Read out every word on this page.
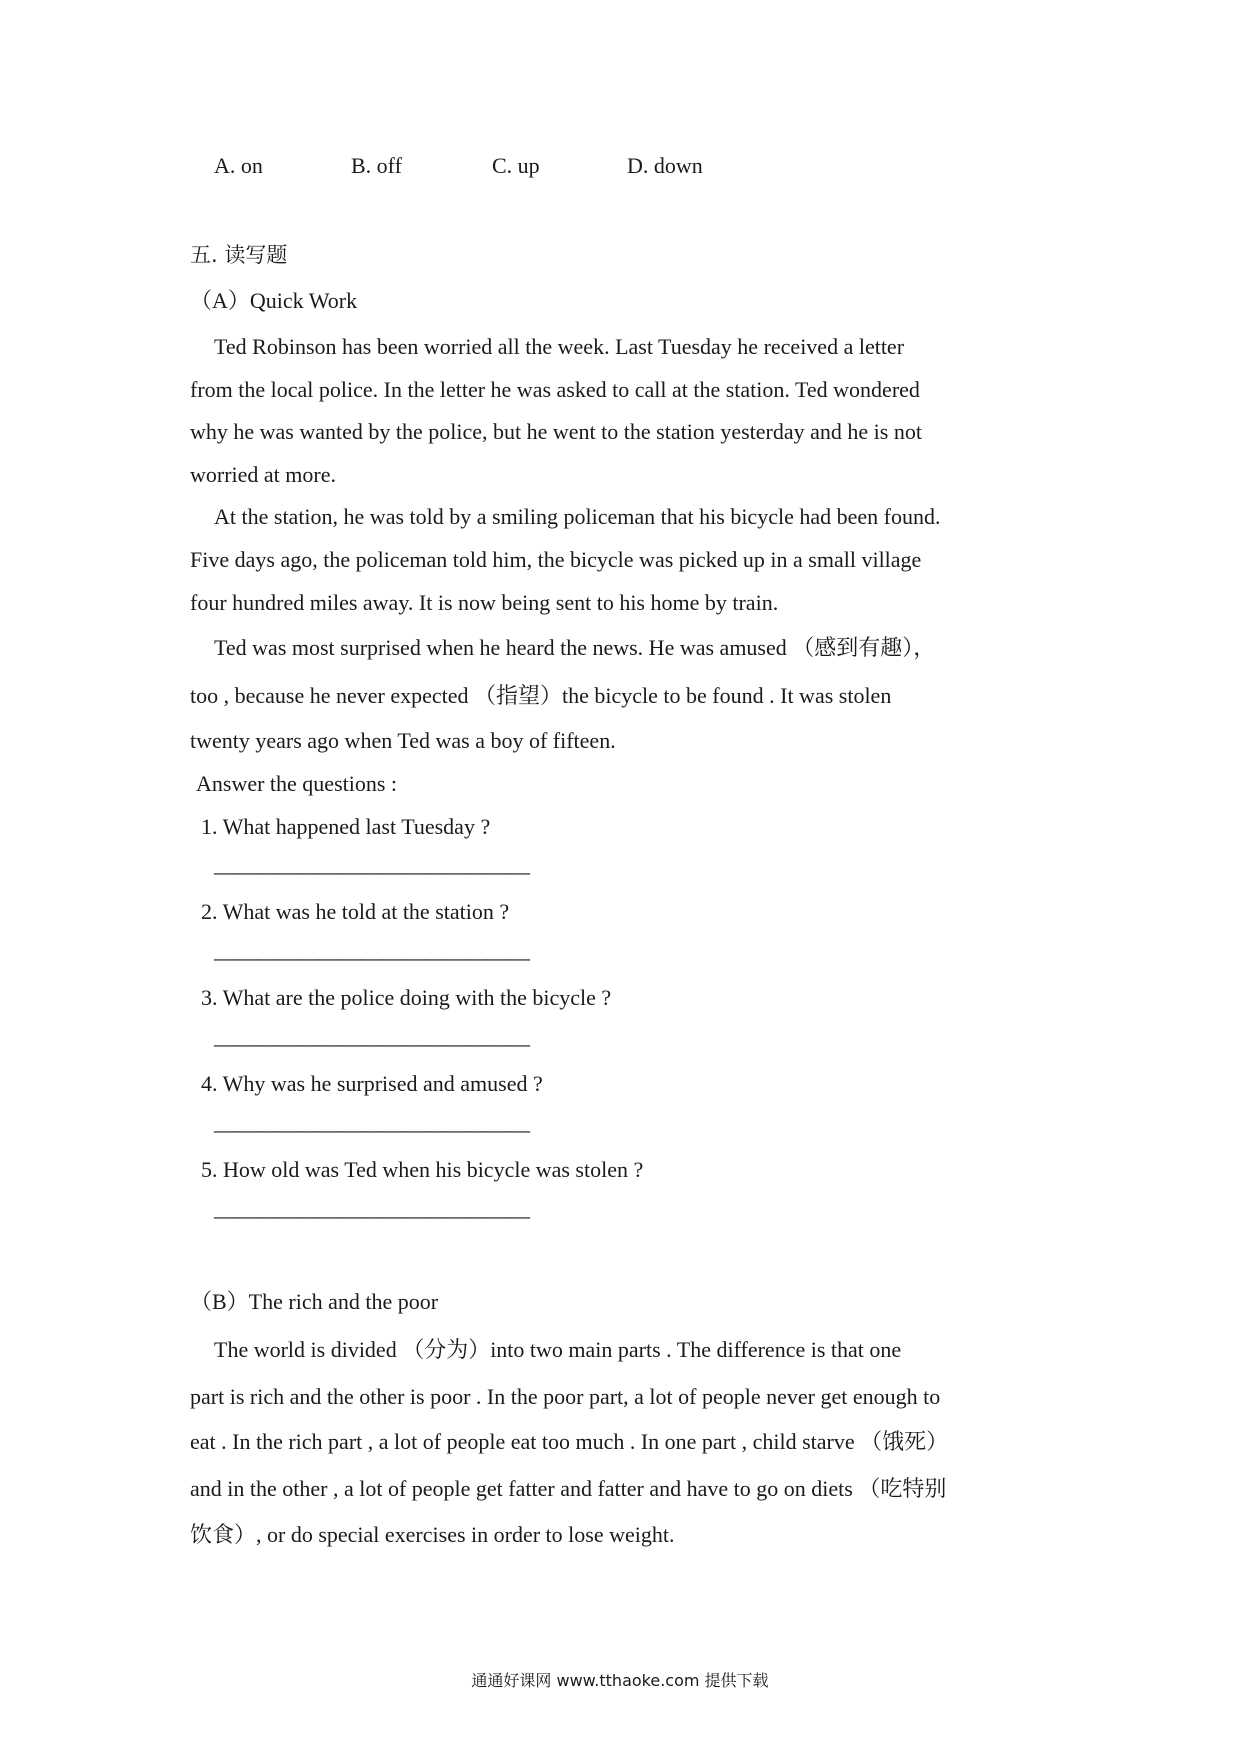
A. on	B. off	C. up	D. down
五. 读写题
（A）Quick Work
Ted Robinson has been worried all the week. Last Tuesday he received a letter
from the local police. In the letter he was asked to call at the station. Ted wondered
why he was wanted by the police, but he went to the station yesterday and he is not
worried at more.
At the station, he was told by a smiling policeman that his bicycle had been found.
Five days ago, the policeman told him, the bicycle was picked up in a small village
four hundred miles away. It is now being sent to his home by train.
Ted was most surprised when he heard the news. He was amused （感到有趣），
too , because he never expected （指望）the bicycle to be found . It was stolen
twenty years ago when Ted was a boy of fifteen.
Answer the questions :
1. What happened last Tuesday ?
———————————————
2. What was he told at the station ?
———————————————
3. What are the police doing with the bicycle ?
———————————————
4. Why was he surprised and amused ?
———————————————
5. How old was Ted when his bicycle was stolen ?
———————————————
（B）The rich and the poor
The world is divided （分为）into two main parts . The difference is that one
part is rich and the other is poor . In the poor part, a lot of people never get enough to
eat . In the rich part , a lot of people eat too much . In one part , child starve （饿死）
and in the other , a lot of people get fatter and fatter and have to go on diets （吃特别
饮食）, or do special exercises in order to lose weight.
通通好课网 www.tthaoke.com 提供下载
